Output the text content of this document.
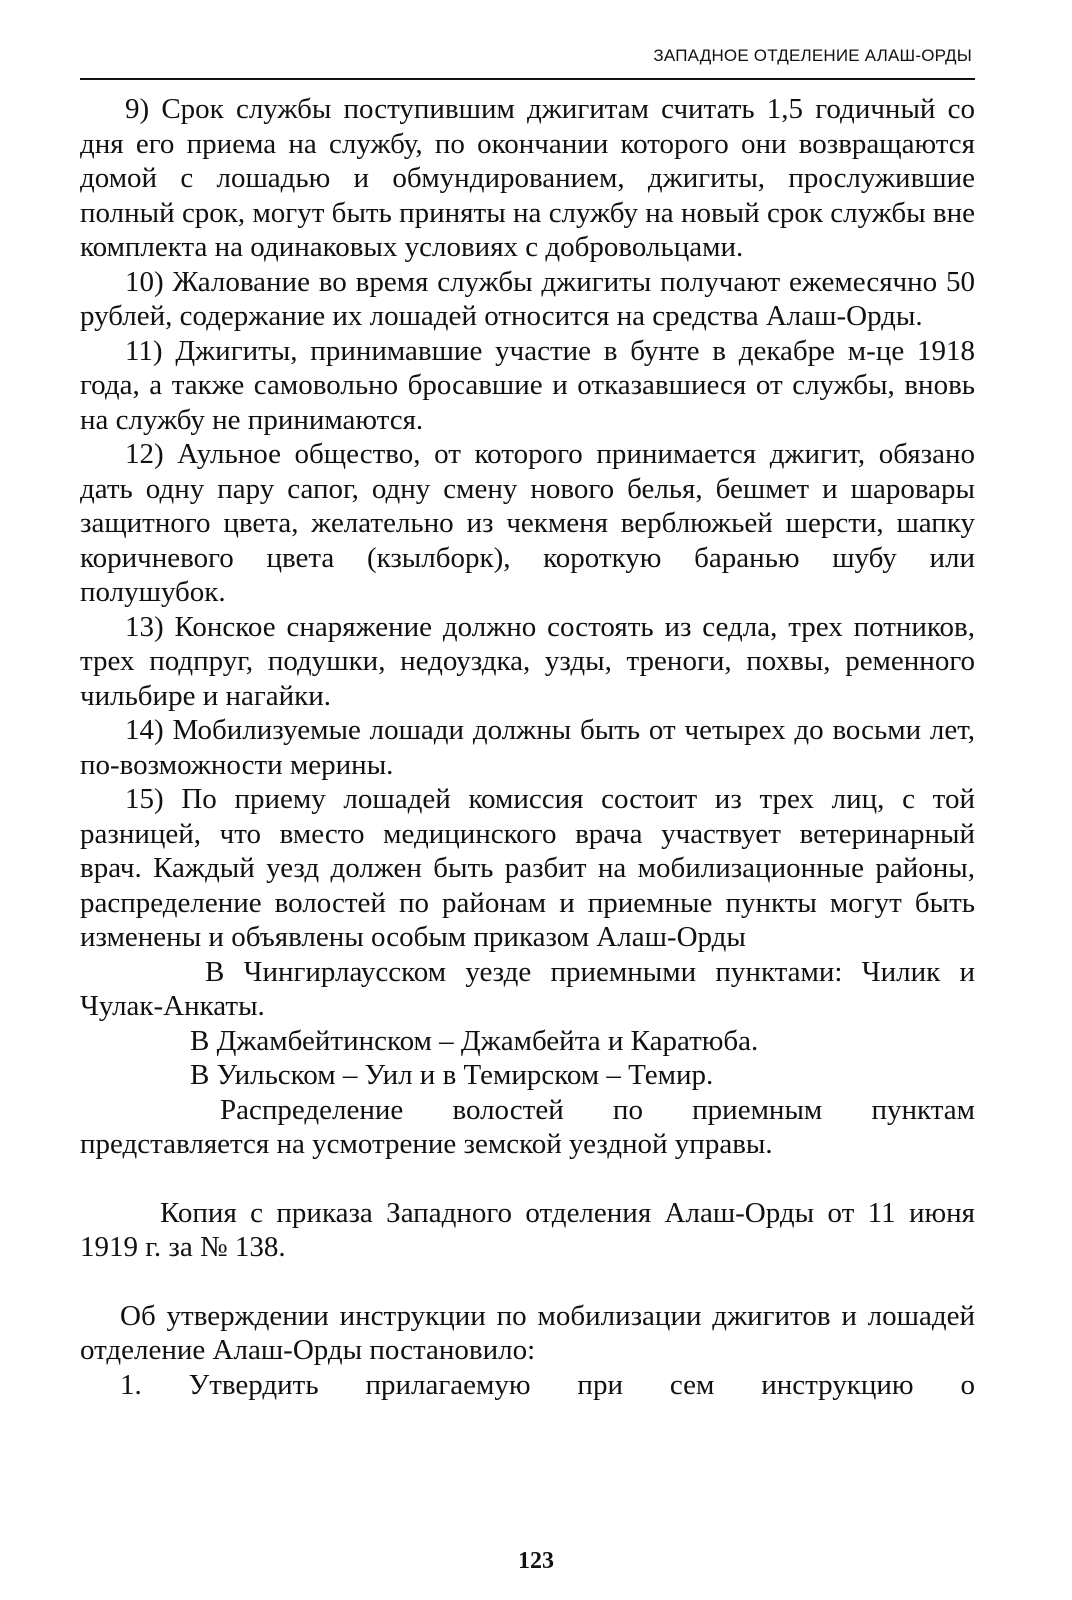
ЗАПАДНОЕ ОТДЕЛЕНИЕ АЛАШ-ОРДЫ

9) Срок службы поступившим джигитам считать 1,5 годичный со дня его приема на службу, по окончании которого они возвращаются домой с лошадью и обмундированием, джигиты, прослужившие полный срок, могут быть приняты на службу на новый срок службы вне комплекта на одинаковых условиях с добровольцами.

10) Жалование во время службы джигиты получают ежемесячно 50 рублей, содержание их лошадей относится на средства Алаш-Орды.

11) Джигиты, принимавшие участие в бунте в декабре м-це 1918 года, а также самовольно бросавшие и отказавшиеся от службы, вновь на службу не принимаются.

12) Аульное общество, от которого принимается джигит, обязано дать одну пару сапог, одну смену нового белья, бешмет и шаровары защитного цвета, желательно из чекменя верблюжьей шерсти, шапку коричневого цвета (кзылборк), короткую баранью шубу или полушубок.

13) Конское снаряжение должно состоять из седла, трех потников, трех подпруг, подушки, недоуздка, узды, треноги, похвы, ременного чильбире и нагайки.

14) Мобилизуемые лошади должны быть от четырех до восьми лет, по-возможности мерины.

15) По приему лошадей комиссия состоит из трех лиц, с той разницей, что вместо медицинского врача участвует ветеринарный врач. Каждый уезд должен быть разбит на мобилизационные районы, распределение волостей по районам и приемные пункты могут быть изменены и объявлены особым приказом Алаш-Орды

В Чингирлаусском уезде приемными пунктами: Чилик и Чулак-Анкаты.

В Джамбейтинском – Джамбейта и Каратюба.

В Уильском – Уил и в Темирском – Темир.

Распределение волостей по приемным пунктам представляется на усмотрение земской уездной управы.

Копия с приказа Западного отделения Алаш-Орды от 11 июня 1919 г. за № 138.

Об утверждении инструкции по мобилизации джигитов и лошадей отделение Алаш-Орды постановило:

1. Утвердить прилагаемую при сем инструкцию о

123
